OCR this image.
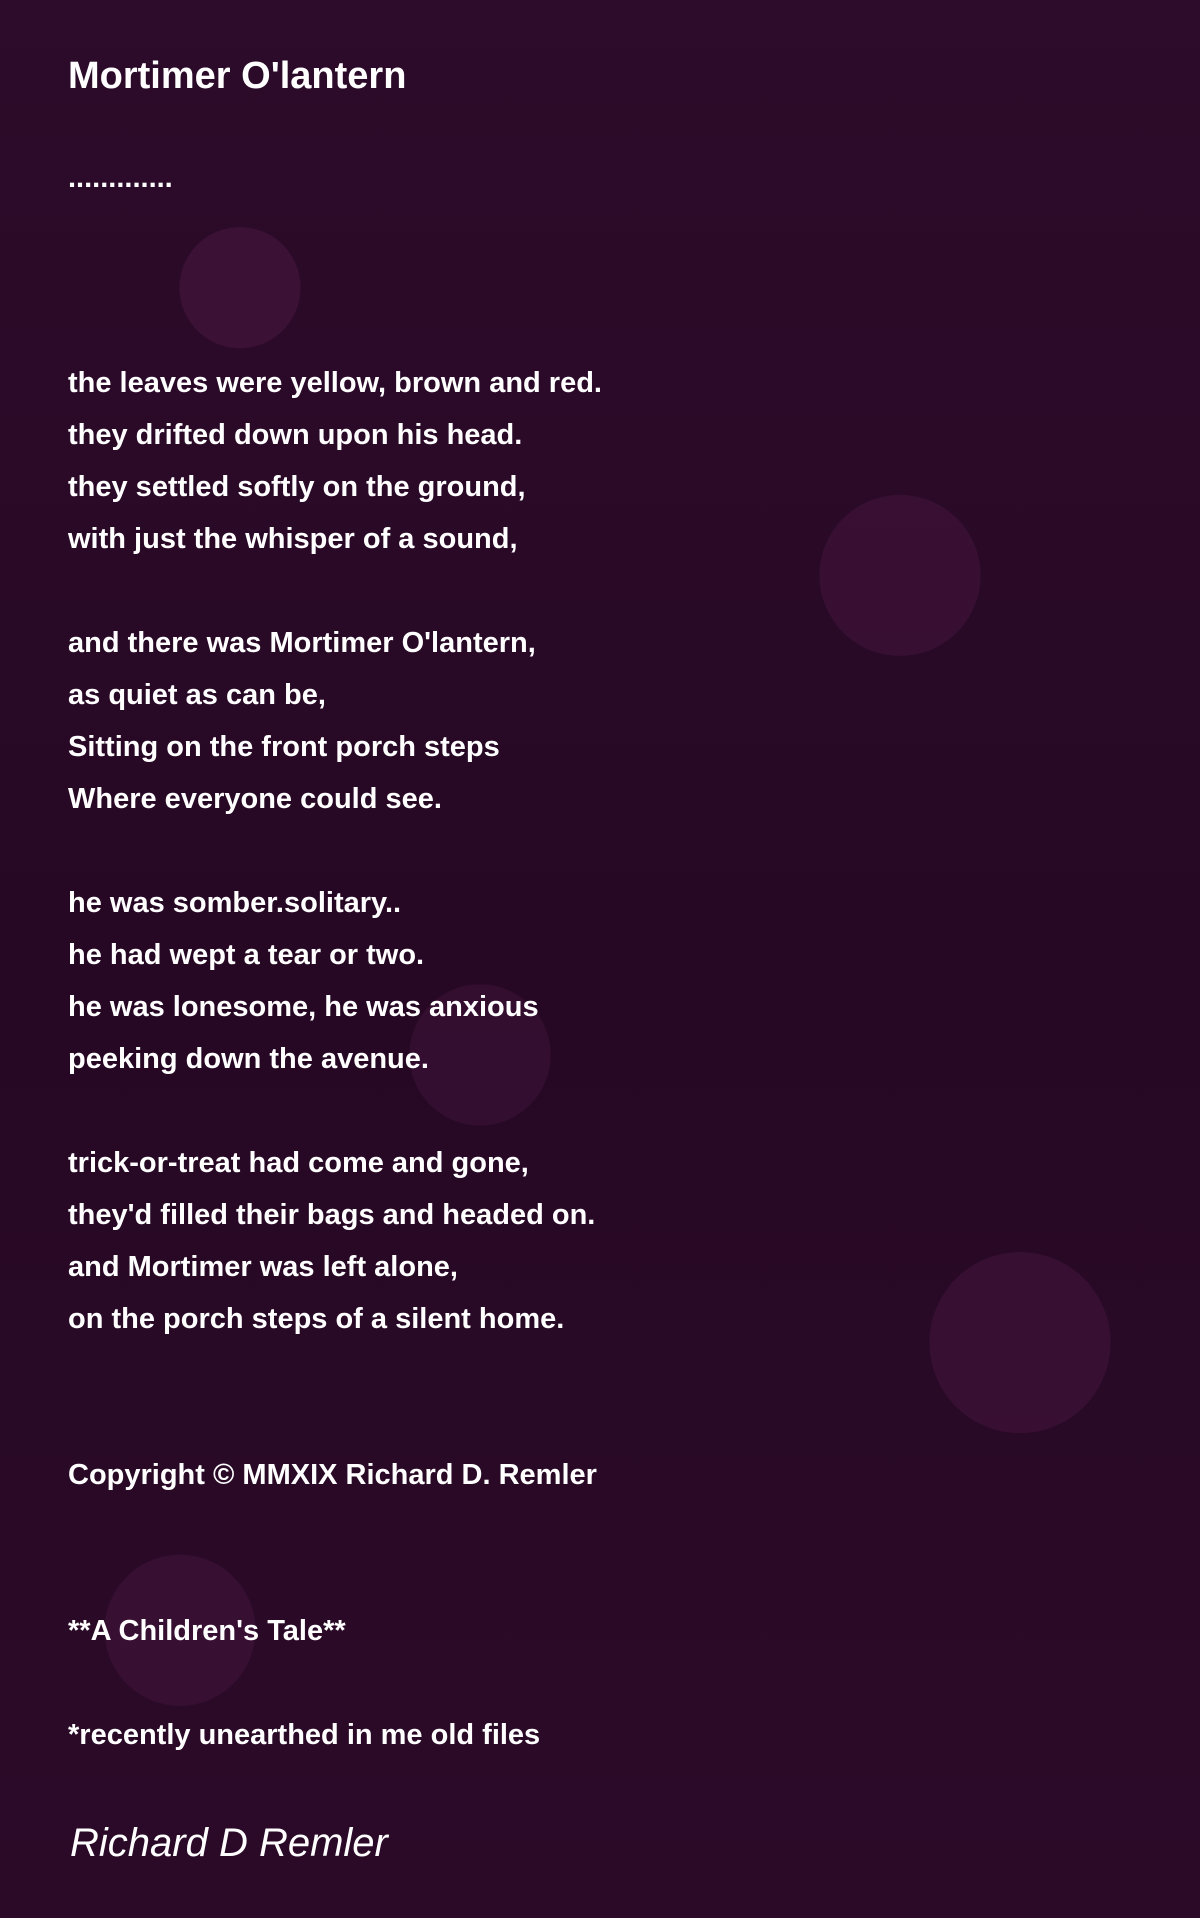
Mortimer O'lantern
.............
the leaves were yellow, brown and red.
they drifted down upon his head.
they settled softly on the ground,
with just the whisper of a sound,
and there was Mortimer O'lantern,
as quiet as can be,
Sitting on the front porch steps
Where everyone could see.
he was somber.solitary..
he had wept a tear or two.
he was lonesome, he was anxious
peeking down the avenue.
trick-or-treat had come and gone,
they'd filled their bags and headed on.
and Mortimer was left alone,
on the porch steps of a silent home.
Copyright © MMXIX Richard D. Remler
**A Children's Tale**
*recently unearthed in me old files
Richard D Remler
